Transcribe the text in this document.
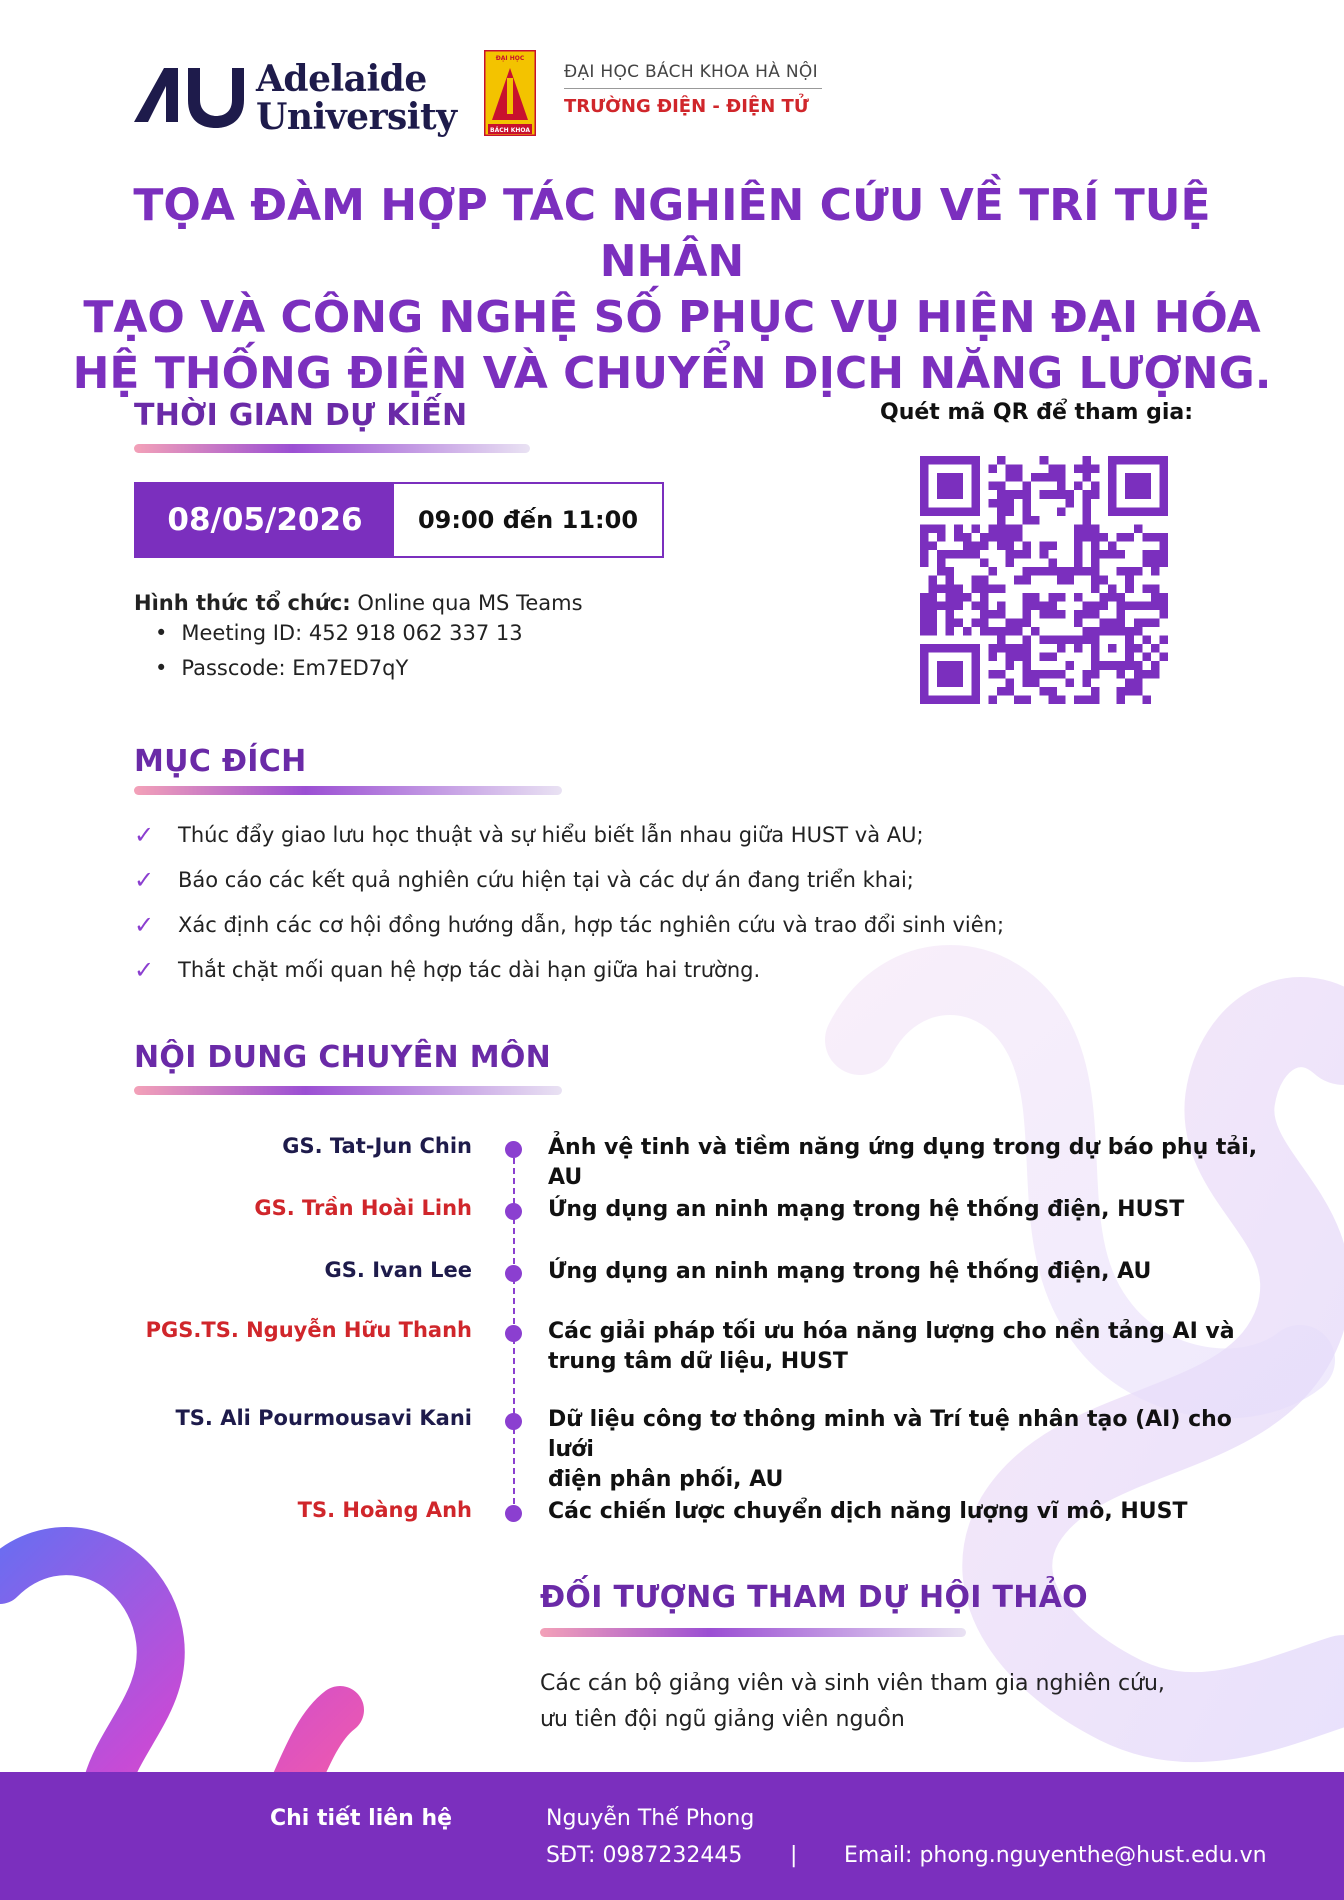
Adelaide
University	BÁCH KHOA
ĐẠI HỌC
ĐẠI HỌC BÁCH KHOA HÀ NỘI
TRƯỜNG ĐIỆN - ĐIỆN TỬ
TỌA ĐÀM HỢP TÁC NGHIÊN CỨU VỀ TRÍ TUỆ NHÂN
TẠO VÀ CÔNG NGHỆ SỐ PHỤC VỤ HIỆN ĐẠI HÓA
HỆ THỐNG ĐIỆN VÀ CHUYỂN DỊCH NĂNG LƯỢNG.
THỜI GIAN DỰ KIẾN
08/05/2026	09:00 đến 11:00
Hình thức tổ chức: Online qua MS Teams
• Meeting ID: 452 918 062 337 13
• Passcode: Em7ED7qY
Quét mã QR để tham gia:
MỤC ĐÍCH
✓ Thúc đẩy giao lưu học thuật và sự hiểu biết lẫn nhau giữa HUST và AU;
✓ Báo cáo các kết quả nghiên cứu hiện tại và các dự án đang triển khai;
✓ Xác định các cơ hội đồng hướng dẫn, hợp tác nghiên cứu và trao đổi sinh viên;
✓ Thắt chặt mối quan hệ hợp tác dài hạn giữa hai trường.
NỘI DUNG CHUYÊN MÔN
GS. Tat-Jun Chin	Ảnh vệ tinh và tiềm năng ứng dụng trong dự báo phụ tải, AU
GS. Trần Hoài Linh	Ứng dụng an ninh mạng trong hệ thống điện, HUST
GS. Ivan Lee	Ứng dụng an ninh mạng trong hệ thống điện, AU
PGS.TS. Nguyễn Hữu Thanh	Các giải pháp tối ưu hóa năng lượng cho nền tảng AI và
trung tâm dữ liệu, HUST
TS. Ali Pourmousavi Kani	Dữ liệu công tơ thông minh và Trí tuệ nhân tạo (AI) cho lưới
điện phân phối, AU
TS. Hoàng Anh	Các chiến lược chuyển dịch năng lượng vĩ mô, HUST
ĐỐI TƯỢNG THAM DỰ HỘI THẢO
Các cán bộ giảng viên và sinh viên tham gia nghiên cứu,
ưu tiên đội ngũ giảng viên nguồn
Chi tiết liên hệ	Nguyễn Thế Phong
SĐT: 0987232445 | Email: phong.nguyenthe@hust.edu.vn
